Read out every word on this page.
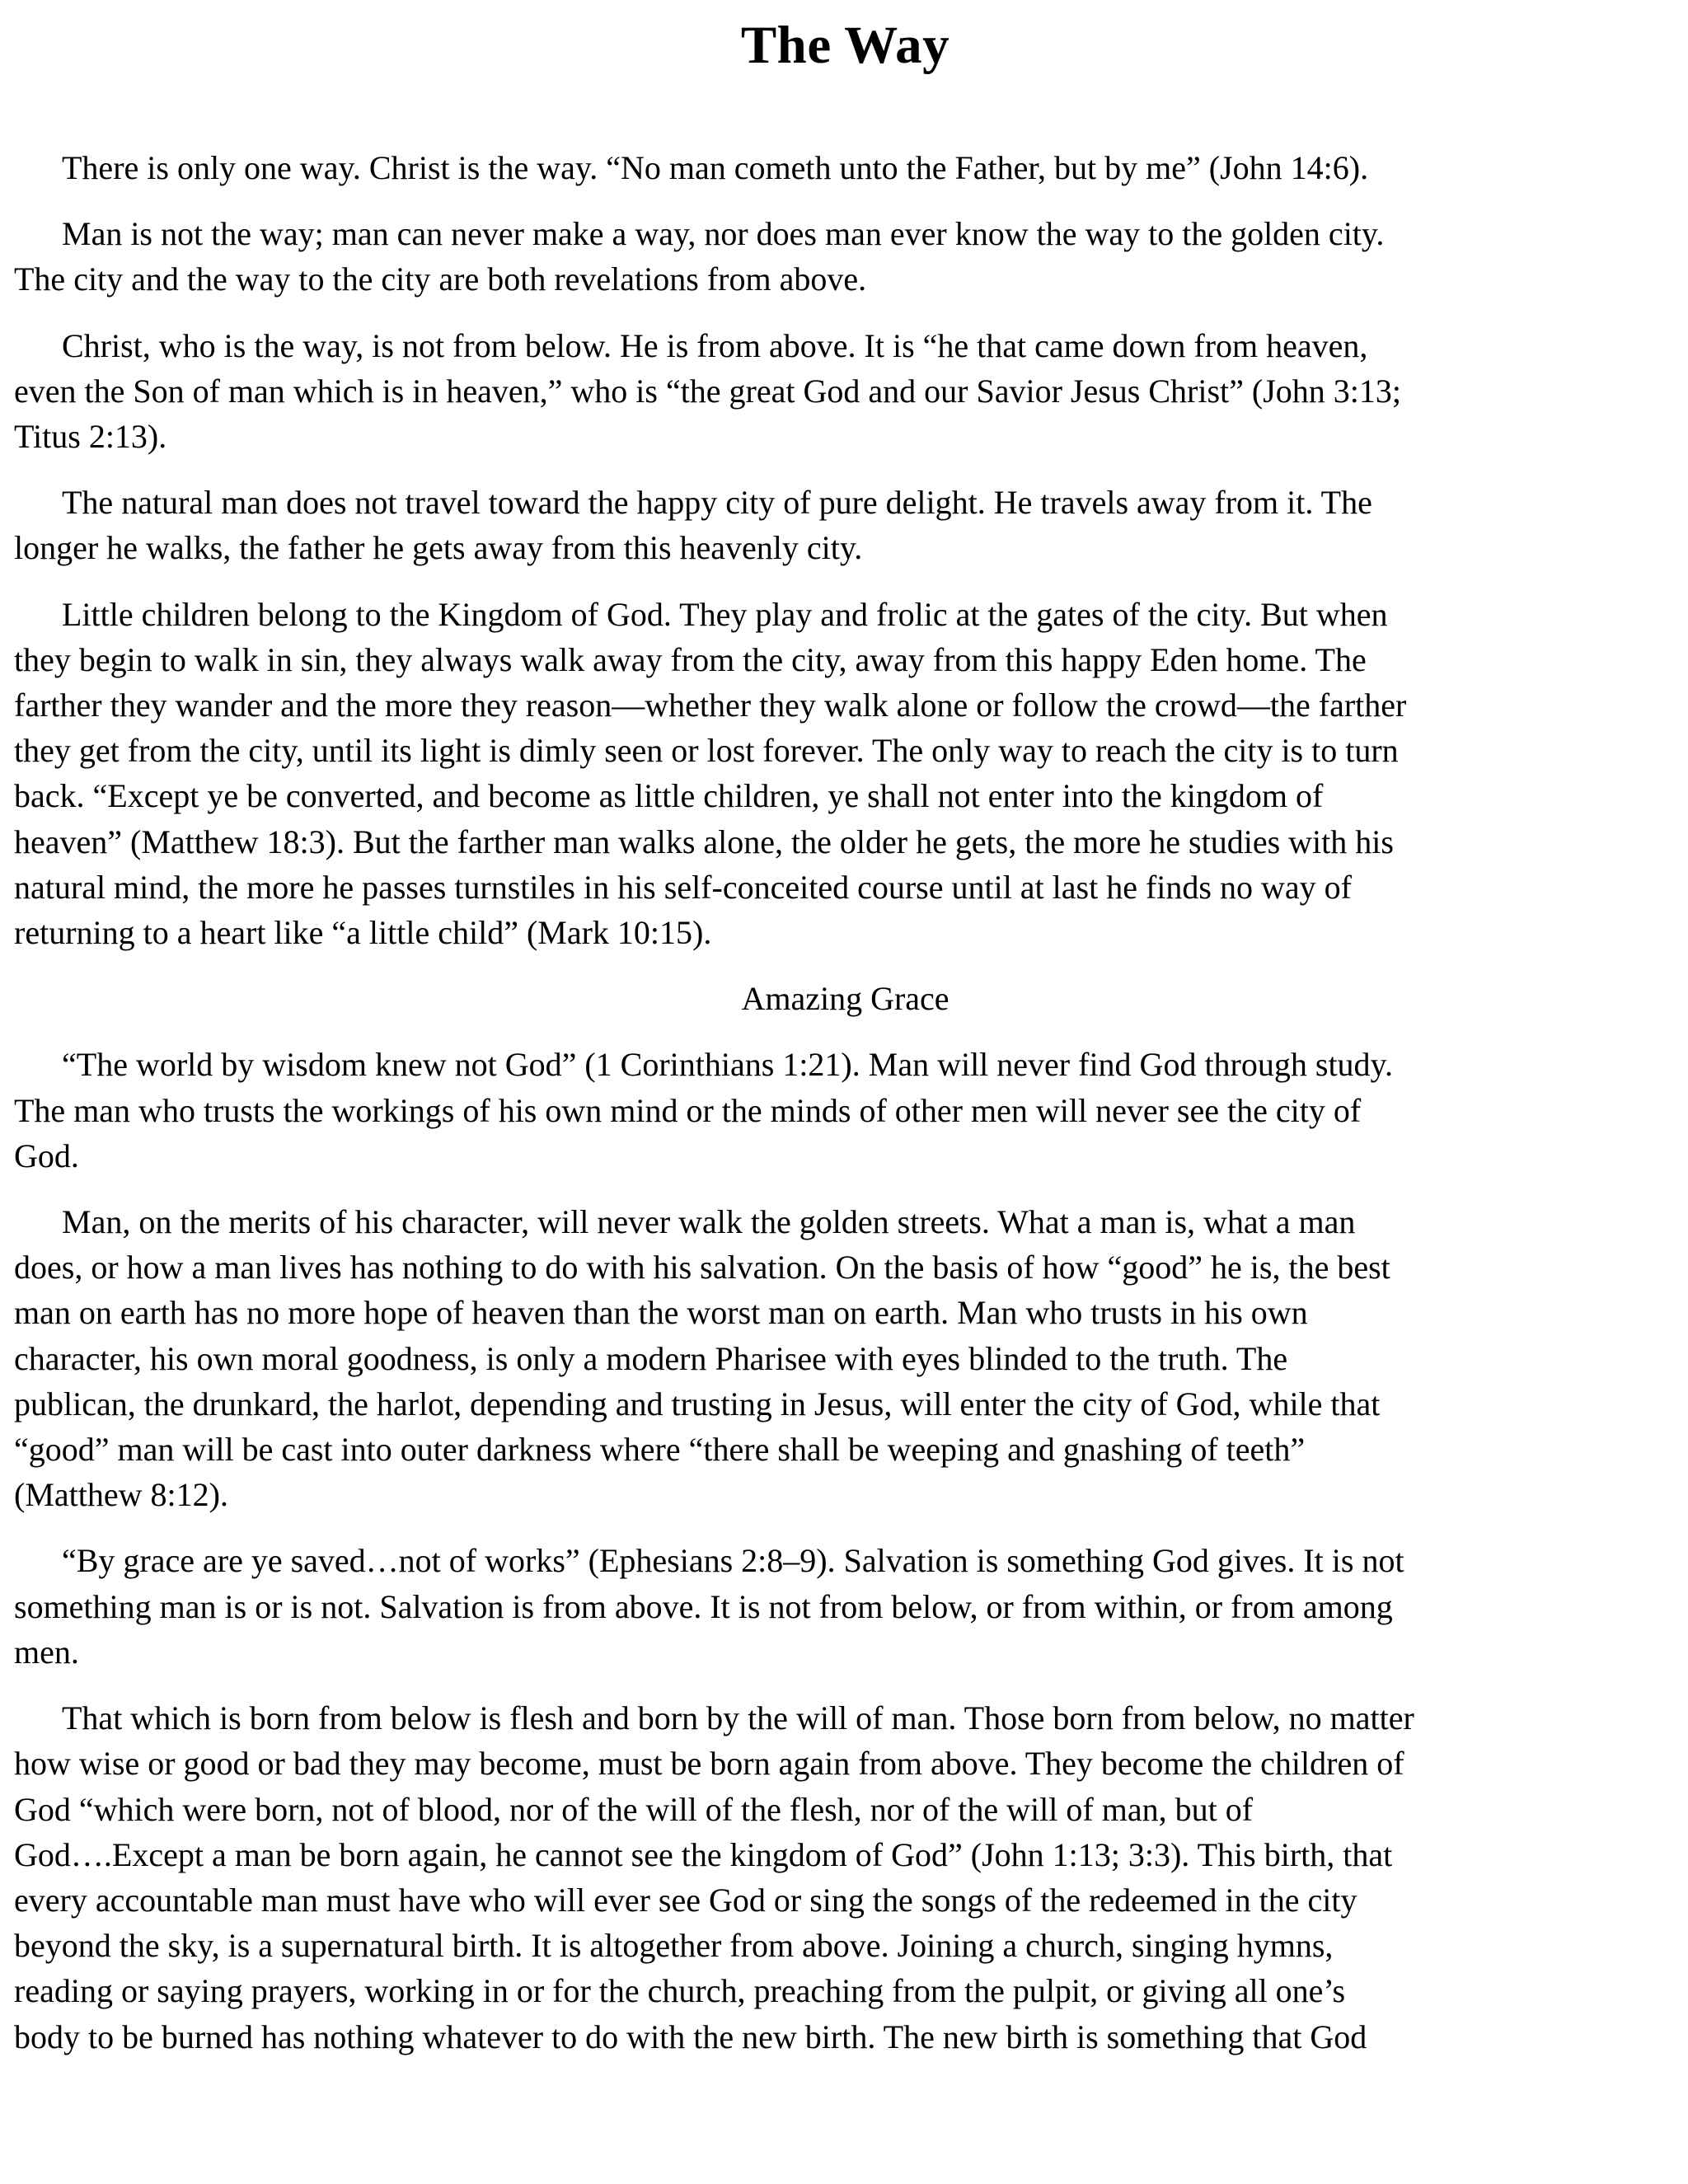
The Way

There is only one way. Christ is the way. “No man cometh unto the Father, but by me” (John 14:6).

Man is not the way; man can never make a way, nor does man ever know the way to the golden city.
The city and the way to the city are both revelations from above.

Christ, who is the way, is not from below. He is from above. It is “he that came down from heaven,
even the Son of man which is in heaven,” who is “the great God and our Savior Jesus Christ” (John 3:13;
Titus 2:13).

The natural man does not travel toward the happy city of pure delight. He travels away from it. The
longer he walks, the father he gets away from this heavenly city.

Little children belong to the Kingdom of God. They play and frolic at the gates of the city. But when
they begin to walk in sin, they always walk away from the city, away from this happy Eden home. The
farther they wander and the more they reason—whether they walk alone or follow the crowd—the farther
they get from the city, until its light is dimly seen or lost forever. The only way to reach the city is to turn
back. “Except ye be converted, and become as little children, ye shall not enter into the kingdom of
heaven” (Matthew 18:3). But the farther man walks alone, the older he gets, the more he studies with his
natural mind, the more he passes turnstiles in his self-conceited course until at last he finds no way of
returning to a heart like “a little child” (Mark 10:15).

Amazing Grace

“The world by wisdom knew not God” (1 Corinthians 1:21). Man will never find God through study.
The man who trusts the workings of his own mind or the minds of other men will never see the city of
God.

Man, on the merits of his character, will never walk the golden streets. What a man is, what a man
does, or how a man lives has nothing to do with his salvation. On the basis of how “good” he is, the best
man on earth has no more hope of heaven than the worst man on earth. Man who trusts in his own
character, his own moral goodness, is only a modern Pharisee with eyes blinded to the truth. The
publican, the drunkard, the harlot, depending and trusting in Jesus, will enter the city of God, while that
“good” man will be cast into outer darkness where “there shall be weeping and gnashing of teeth”
(Matthew 8:12).

“By grace are ye saved…not of works” (Ephesians 2:8–9). Salvation is something God gives. It is not
something man is or is not. Salvation is from above. It is not from below, or from within, or from among
men.

That which is born from below is flesh and born by the will of man. Those born from below, no matter
how wise or good or bad they may become, must be born again from above. They become the children of
God “which were born, not of blood, nor of the will of the flesh, nor of the will of man, but of
God….Except a man be born again, he cannot see the kingdom of God” (John 1:13; 3:3). This birth, that
every accountable man must have who will ever see God or sing the songs of the redeemed in the city
beyond the sky, is a supernatural birth. It is altogether from above. Joining a church, singing hymns,
reading or saying prayers, working in or for the church, preaching from the pulpit, or giving all one’s
body to be burned has nothing whatever to do with the new birth. The new birth is something that God
